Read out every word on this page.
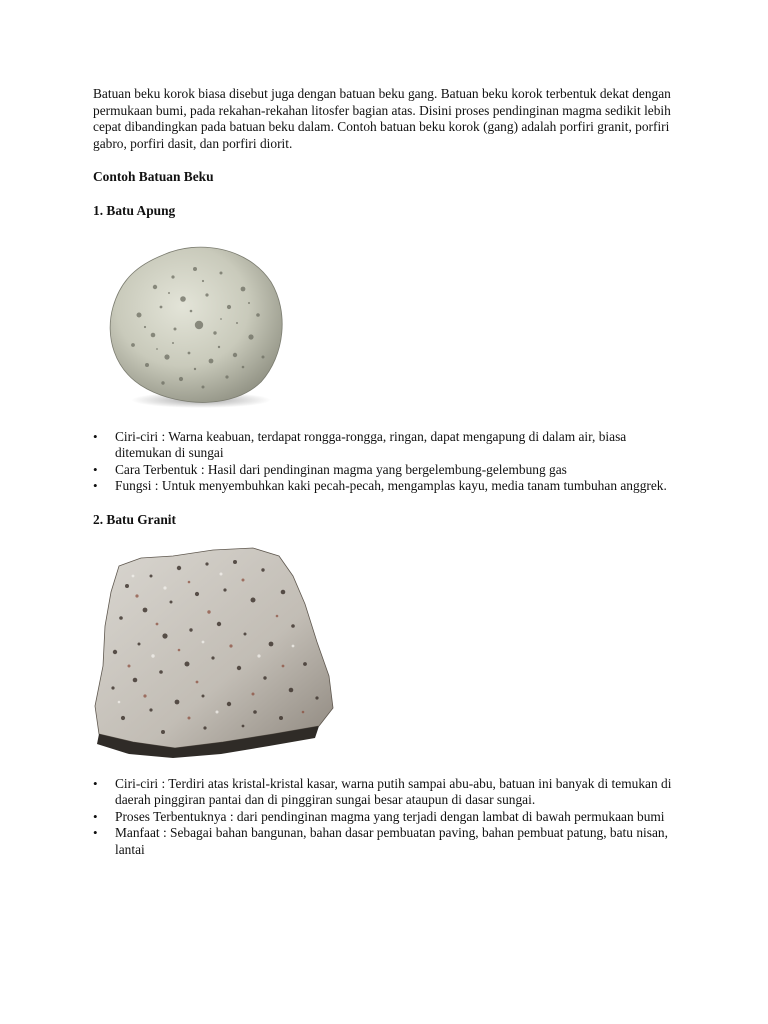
Batuan beku korok biasa disebut juga dengan batuan beku gang. Batuan beku korok terbentuk dekat dengan permukaan bumi, pada rekahan-rekahan litosfer bagian atas. Disini proses pendinginan magma sedikit lebih cepat dibandingkan pada batuan beku dalam. Contoh batuan beku korok (gang) adalah porfiri granit, porfiri gabro, porfiri dasit, dan porfiri diorit.

Contoh Batuan Beku

1. Batu Apung

• Ciri-ciri : Warna keabuan, terdapat rongga-rongga, ringan, dapat mengapung di dalam air, biasa ditemukan di sungai
• Cara Terbentuk : Hasil dari pendinginan magma yang bergelembung-gelembung gas
• Fungsi : Untuk menyembuhkan kaki pecah-pecah, mengamplas kayu, media tanam tumbuhan anggrek.

2. Batu Granit

• Ciri-ciri : Terdiri atas kristal-kristal kasar, warna putih sampai abu-abu, batuan ini banyak di temukan di daerah pinggiran pantai dan di pinggiran sungai besar ataupun di dasar sungai.
• Proses Terbentuknya : dari pendinginan magma yang terjadi dengan lambat di bawah permukaan bumi
• Manfaat : Sebagai bahan bangunan, bahan dasar pembuatan paving, bahan pembuat patung, batu nisan, lantai
